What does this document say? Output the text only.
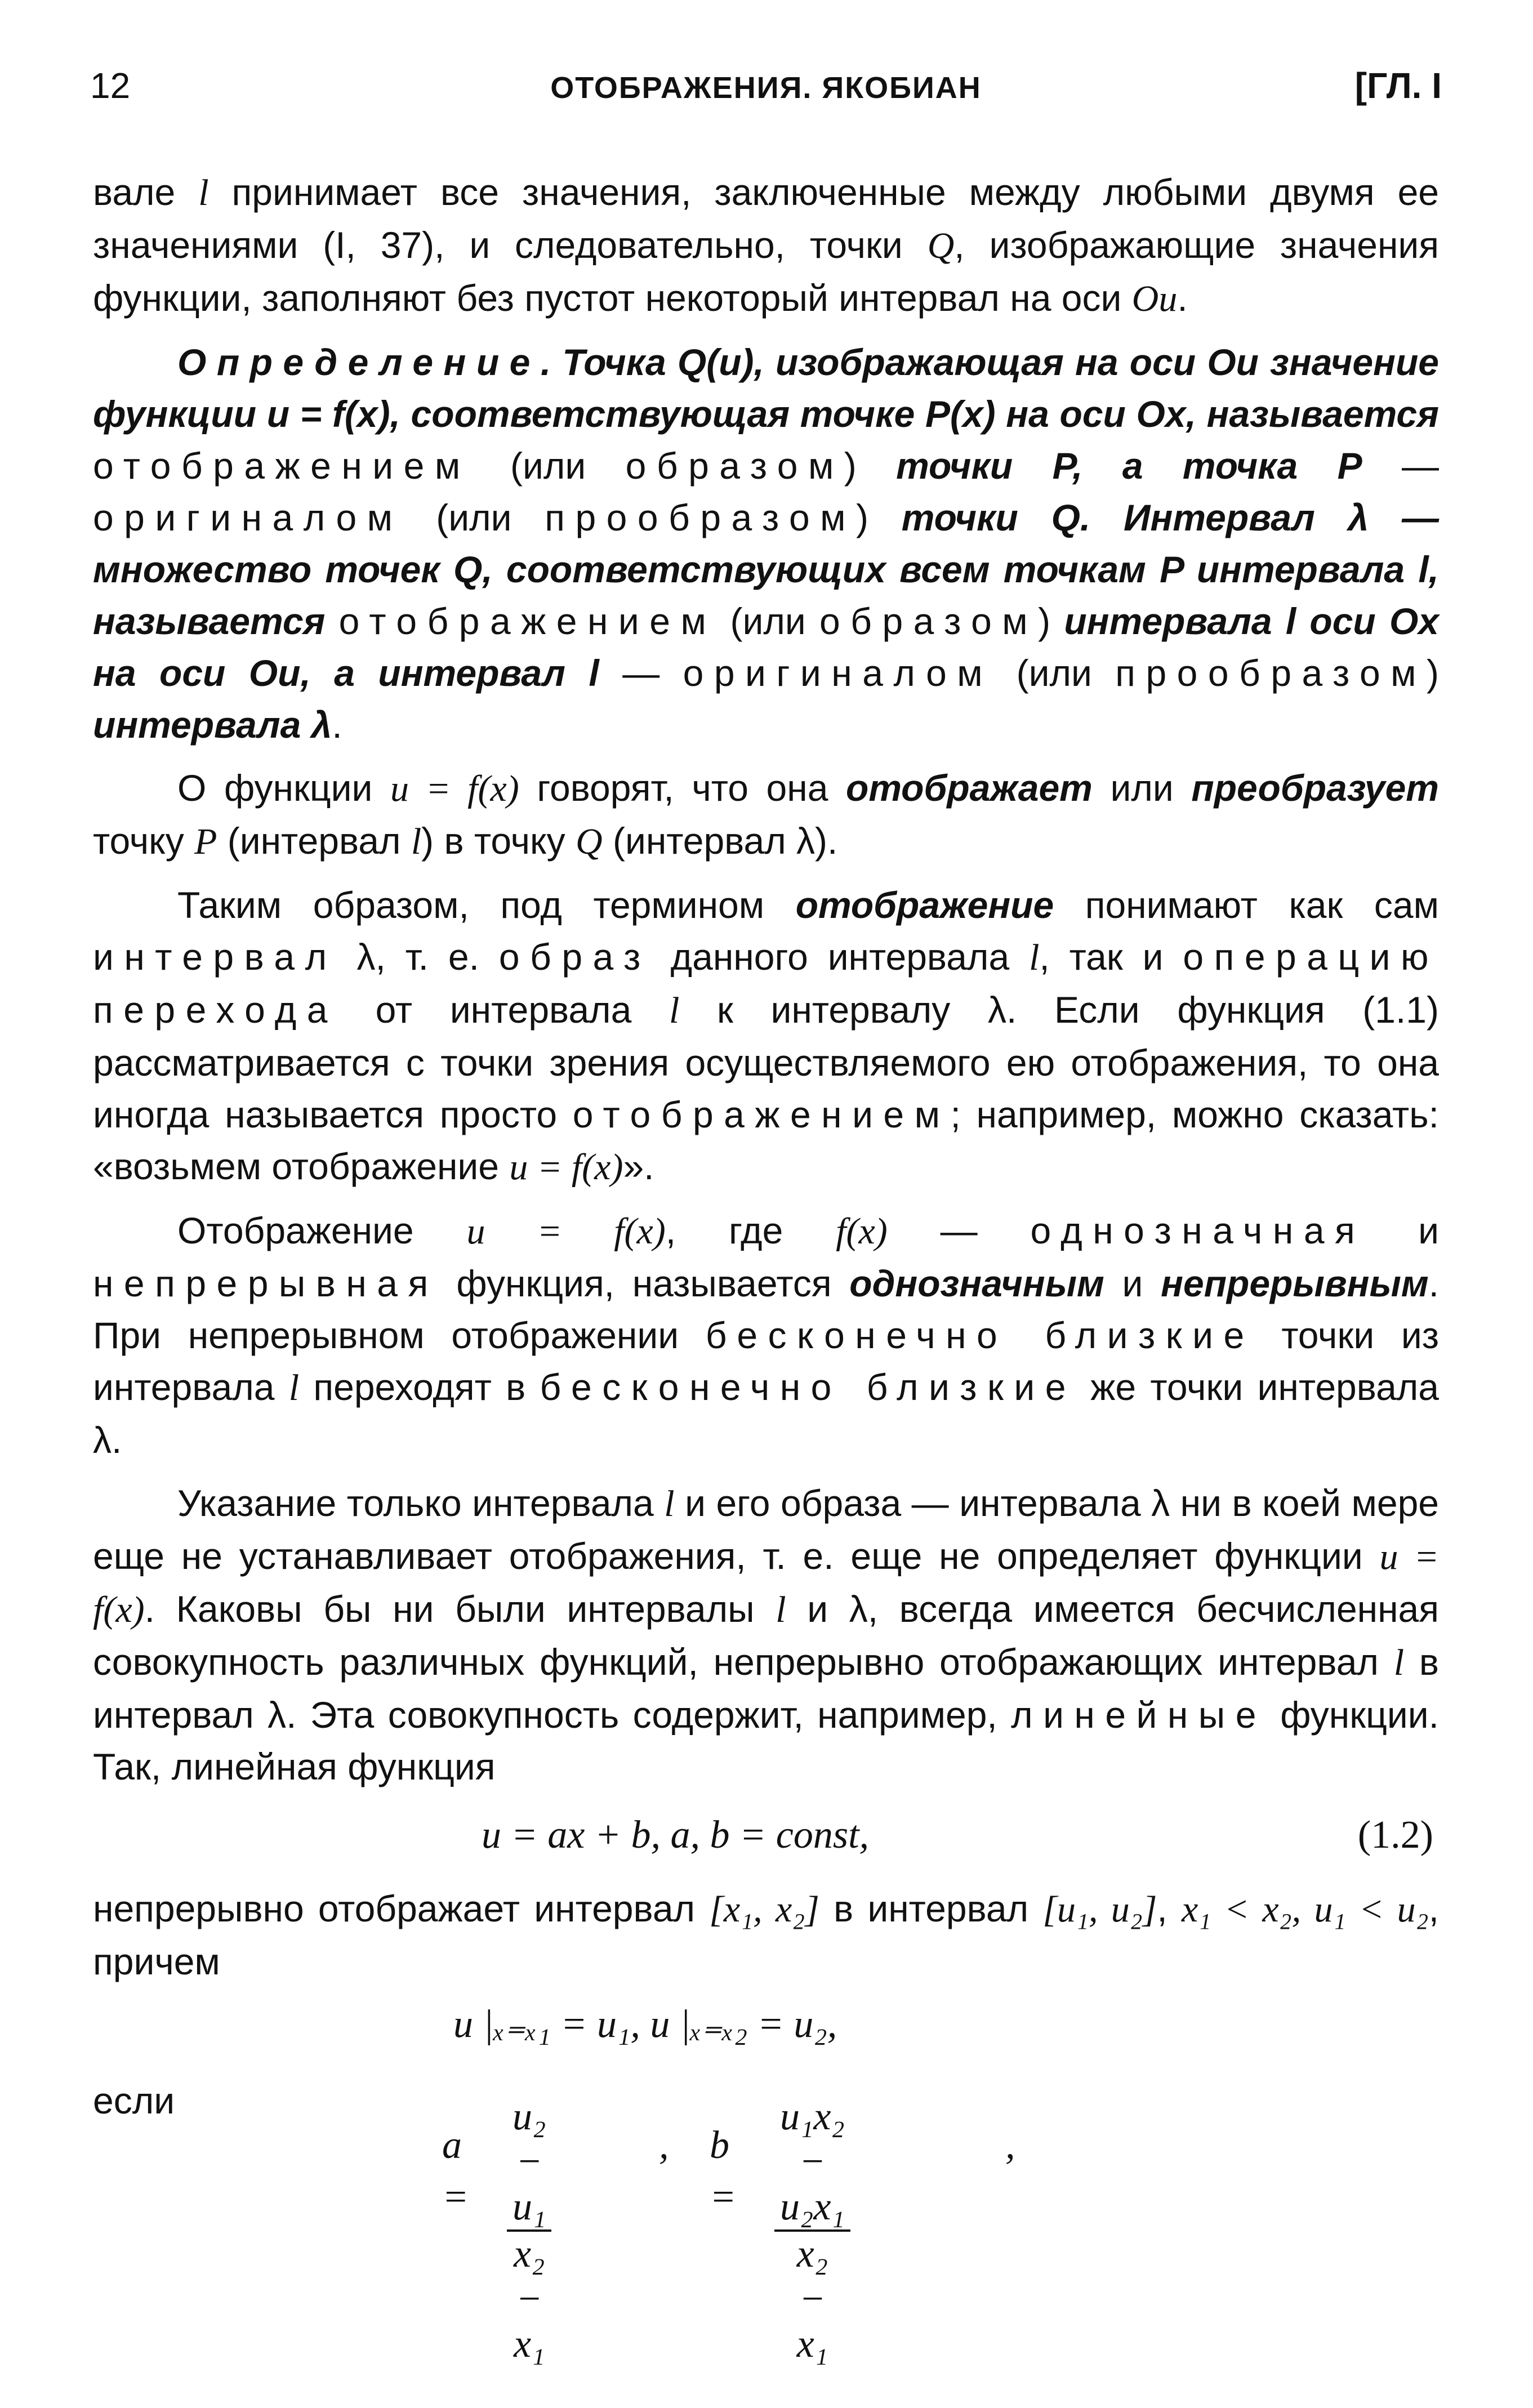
12	ОТОБРАЖЕНИЯ. ЯКОБИАН	[ГЛ. I

вале l принимает все значения, заключенные между любыми двумя ее значениями (I, 37), и следовательно, точки Q, изображающие значения функции, заполняют без пустот некоторый интервал на оси Ou.

Определение. Точка Q(u), изображающая на оси Ou значение функции u = f(x), соответствующая точке P(x) на оси Ox, называется отображением (или образом) точки P, а точка P — оригиналом (или прообразом) точки Q. Интервал λ — множество точек Q, соответствующих всем точкам P интервала l, называется отображением (или образом) интервала l оси Ox на оси Ou, а интервал l — оригиналом (или прообразом) интервала λ.

О функции u = f(x) говорят, что она отображает или преобразует точку P (интервал l) в точку Q (интервал λ).

Таким образом, под термином отображение понимают как сам интервал λ, т. е. образ данного интервала l, так и операцию перехода от интервала l к интервалу λ. Если функция (1.1) рассматривается с точки зрения осуществляемого ею отображения, то она иногда называется просто отображением; например, можно сказать: «возьмем отображение u = f(x)».

Отображение u = f(x), где f(x) — однозначная и непрерывная функция, называется однозначным и непрерывным. При непрерывном отображении бесконечно близкие точки из интервала l переходят в бесконечно близкие же точки интервала λ.

Указание только интервала l и его образа — интервала λ ни в коей мере еще не устанавливает отображения, т. е. еще не определяет функции u = f(x). Каковы бы ни были интервалы l и λ, всегда имеется бесчисленная совокупность различных функций, непрерывно отображающих интервал l в интервал λ. Эта совокупность содержит, например, линейные функции. Так, линейная функция

u = ax + b, a, b = const,	(1.2)

непрерывно отображает интервал [x₁, x₂] в интервал [u₁, u₂], x₁ < x₂, u₁ < u₂, причем

если
u |ₓ₌ₓ₁ = u₁, u |ₓ₌ₓ₂ = u₂,
$a = \frac{\text{u₂ − u₁}}{\text{x₂ − x₁}}$	, $b = \frac{\text{u₁x₂ − u₂x₁}}{\text{x₂ − x₁}}$	,
